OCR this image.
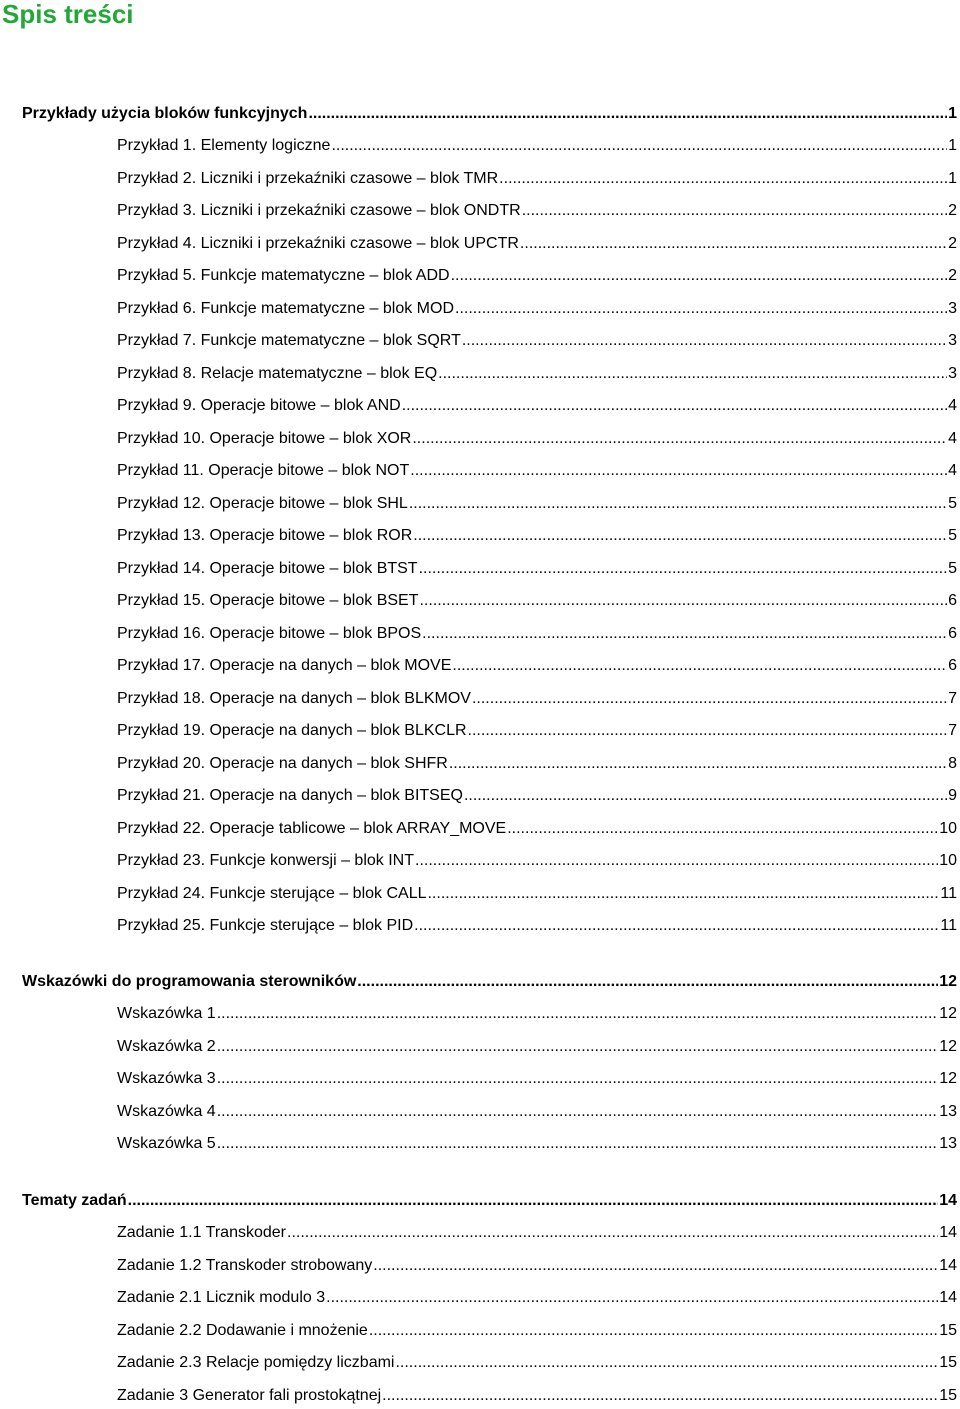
Spis treści
Przykłady użycia bloków funkcyjnych .....	1
Przykład 1. Elementy logiczne .....	1
Przykład 2. Liczniki i przekaźniki czasowe – blok TMR .....	1
Przykład 3. Liczniki i przekaźniki czasowe – blok ONDTR .....	2
Przykład 4. Liczniki i przekaźniki czasowe – blok UPCTR .....	2
Przykład 5. Funkcje matematyczne – blok ADD .....	2
Przykład 6. Funkcje matematyczne – blok MOD .....	3
Przykład 7. Funkcje matematyczne – blok SQRT .....	3
Przykład 8. Relacje matematyczne – blok EQ .....	3
Przykład 9. Operacje bitowe – blok AND .....	4
Przykład 10. Operacje bitowe – blok XOR .....	4
Przykład 11. Operacje bitowe – blok NOT .....	4
Przykład 12. Operacje bitowe – blok SHL .....	5
Przykład 13. Operacje bitowe – blok ROR .....	5
Przykład 14. Operacje bitowe – blok BTST .....	5
Przykład 15. Operacje bitowe – blok BSET .....	6
Przykład 16. Operacje bitowe – blok BPOS .....	6
Przykład 17. Operacje na danych – blok MOVE .....	6
Przykład 18. Operacje na danych – blok BLKMOV .....	7
Przykład 19. Operacje na danych – blok BLKCLR .....	7
Przykład 20. Operacje na danych – blok SHFR .....	8
Przykład 21. Operacje na danych – blok BITSEQ .....	9
Przykład 22. Operacje tablicowe – blok ARRAY_MOVE .....	10
Przykład 23. Funkcje konwersji – blok INT .....	10
Przykład 24. Funkcje sterujące – blok CALL .....	11
Przykład 25. Funkcje sterujące – blok PID .....	11
Wskazówki do programowania sterowników .....	12
Wskazówka 1 .....	12
Wskazówka 2 .....	12
Wskazówka 3 .....	12
Wskazówka 4 .....	13
Wskazówka 5 .....	13
Tematy zadań .....	14
Zadanie 1.1 Transkoder .....	14
Zadanie 1.2 Transkoder strobowany .....	14
Zadanie 2.1 Licznik modulo 3 .....	14
Zadanie 2.2 Dodawanie i mnożenie .....	15
Zadanie 2.3 Relacje pomiędzy liczbami .....	15
Zadanie 3 Generator fali prostokątnej .....	15
